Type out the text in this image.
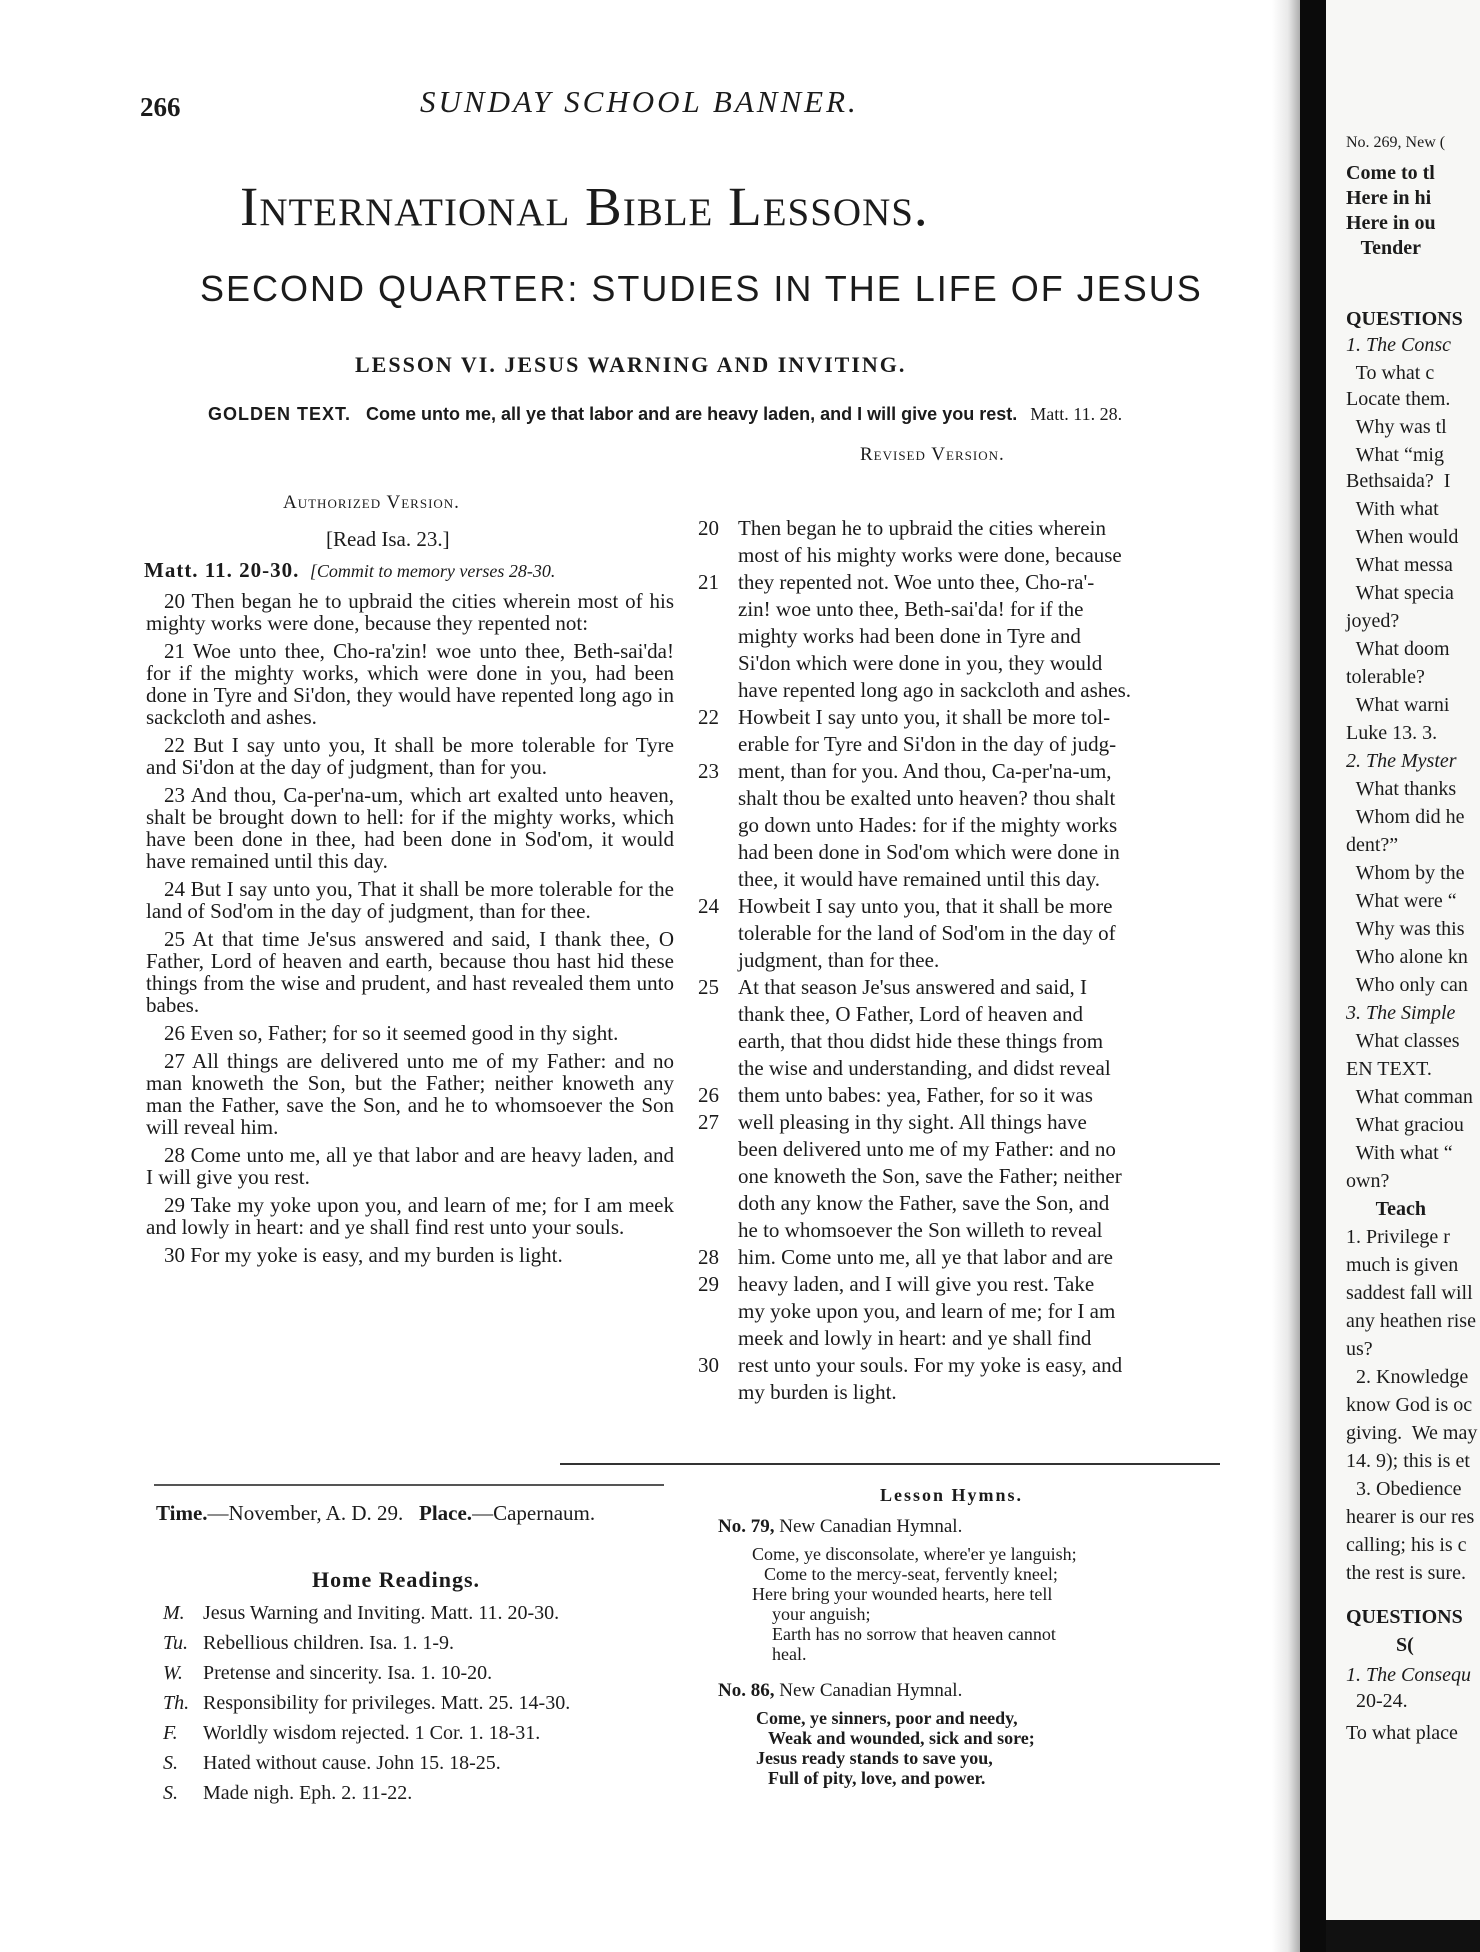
266	SUNDAY SCHOOL BANNER.
International Bible Lessons.
SECOND QUARTER: STUDIES IN THE LIFE OF JESUS
LESSON VI. JESUS WARNING AND INVITING.
GOLDEN TEXT. Come unto me, all ye that labor and are heavy laden, and I will give you rest. Matt. 11. 28.
Authorized Version.
[Read Isa. 23.]
Matt. 11. 20-30. [Commit to memory verses 28-30.

20 Then began he to upbraid the cities wherein most of his mighty works were done, because they repented not:

21 Woe unto thee, Cho-ra'zin! woe unto thee, Beth-sai'da! for if the mighty works, which were done in you, had been done in Tyre and Si'don, they would have repented long ago in sackcloth and ashes.

22 But I say unto you, It shall be more tolerable for Tyre and Si'don at the day of judgment, than for you.

23 And thou, Ca-per'na-um, which art exalted unto heaven, shalt be brought down to hell: for if the mighty works, which have been done in thee, had been done in Sod'om, it would have remained until this day.

24 But I say unto you, That it shall be more tolerable for the land of Sod'om in the day of judgment, than for thee.

25 At that time Je'sus answered and said, I thank thee, O Father, Lord of heaven and earth, because thou hast hid these things from the wise and prudent, and hast revealed them unto babes.

26 Even so, Father; for so it seemed good in thy sight.

27 All things are delivered unto me of my Father: and no man knoweth the Son, but the Father; neither knoweth any man the Father, save the Son, and he to whomsoever the Son will reveal him.

28 Come unto me, all ye that labor and are heavy laden, and I will give you rest.

29 Take my yoke upon you, and learn of me; for I am meek and lowly in heart: and ye shall find rest unto your souls.

30 For my yoke is easy, and my burden is light.

Revised Version.
20 Then began he to upbraid the cities wherein
most of his mighty works were done, because
21 they repented not. Woe unto thee, Cho-ra'-
zin! woe unto thee, Beth-sai'da! for if the
mighty works had been done in Tyre and
Si'don which were done in you, they would
have repented long ago in sackcloth and ashes.
22 Howbeit I say unto you, it shall be more tol-
erable for Tyre and Si'don in the day of judg-
23 ment, than for you. And thou, Ca-per'na-um,
shalt thou be exalted unto heaven? thou shalt
go down unto Hades: for if the mighty works
had been done in Sod'om which were done in
thee, it would have remained until this day.
24 Howbeit I say unto you, that it shall be more
tolerable for the land of Sod'om in the day of
judgment, than for thee.
25 At that season Je'sus answered and said, I
thank thee, O Father, Lord of heaven and
earth, that thou didst hide these things from
the wise and understanding, and didst reveal
26 them unto babes: yea, Father, for so it was
27 well pleasing in thy sight. All things have
been delivered unto me of my Father: and no
one knoweth the Son, save the Father; neither
doth any know the Father, save the Son, and
he to whomsoever the Son willeth to reveal
28 him. Come unto me, all ye that labor and are
29 heavy laden, and I will give you rest. Take
my yoke upon you, and learn of me; for I am
meek and lowly in heart: and ye shall find
30 rest unto your souls. For my yoke is easy, and
my burden is light.
Time.—November, A. D. 29. Place.—Capernaum.
Home Readings.
M. Jesus Warning and Inviting. Matt. 11. 20-30.
Tu. Rebellious children. Isa. 1. 1-9.
W. Pretense and sincerity. Isa. 1. 10-20.
Th. Responsibility for privileges. Matt. 25. 14-30.
F. Worldly wisdom rejected. 1 Cor. 1. 18-31.
S. Hated without cause. John 15. 18-25.
S. Made nigh. Eph. 2. 11-22.
Lesson Hymns.
No. 79, New Canadian Hymnal.
Come, ye disconsolate, where'er ye languish;
Come to the mercy-seat, fervently kneel;
Here bring your wounded hearts, here tell
your anguish;
Earth has no sorrow that heaven cannot
heal.
No. 86, New Canadian Hymnal.
Come, ye sinners, poor and needy,
Weak and wounded, sick and sore;
Jesus ready stands to save you,
Full of pity, love, and power.
No. 269, New (
Come to tl
Here in hi
Here in ou
Tender
QUESTIONS
1. The Consc
To what c
Locate them.
Why was tl
What “mig
Bethsaida?  I
With what
When would
What messa
What specia
joyed?
What doom
tolerable?
What warni
Luke 13. 3.
2. The Myster
What thanks
Whom did he
dent?”
Whom by the
What were “
Why was this
Who alone kn
Who only can
3. The Simple
What classes
EN TEXT.
What comman
What graciou
With what “
own?
Teach
1. Privilege r
much is given
saddest fall will
any heathen rise
us?
2. Knowledge
know God is oc
giving.  We may
14. 9); this is et
3. Obedience
hearer is our res
calling; his is c
the rest is sure.
QUESTIONS
S(
1. The Consequ
20-24.
To what place
